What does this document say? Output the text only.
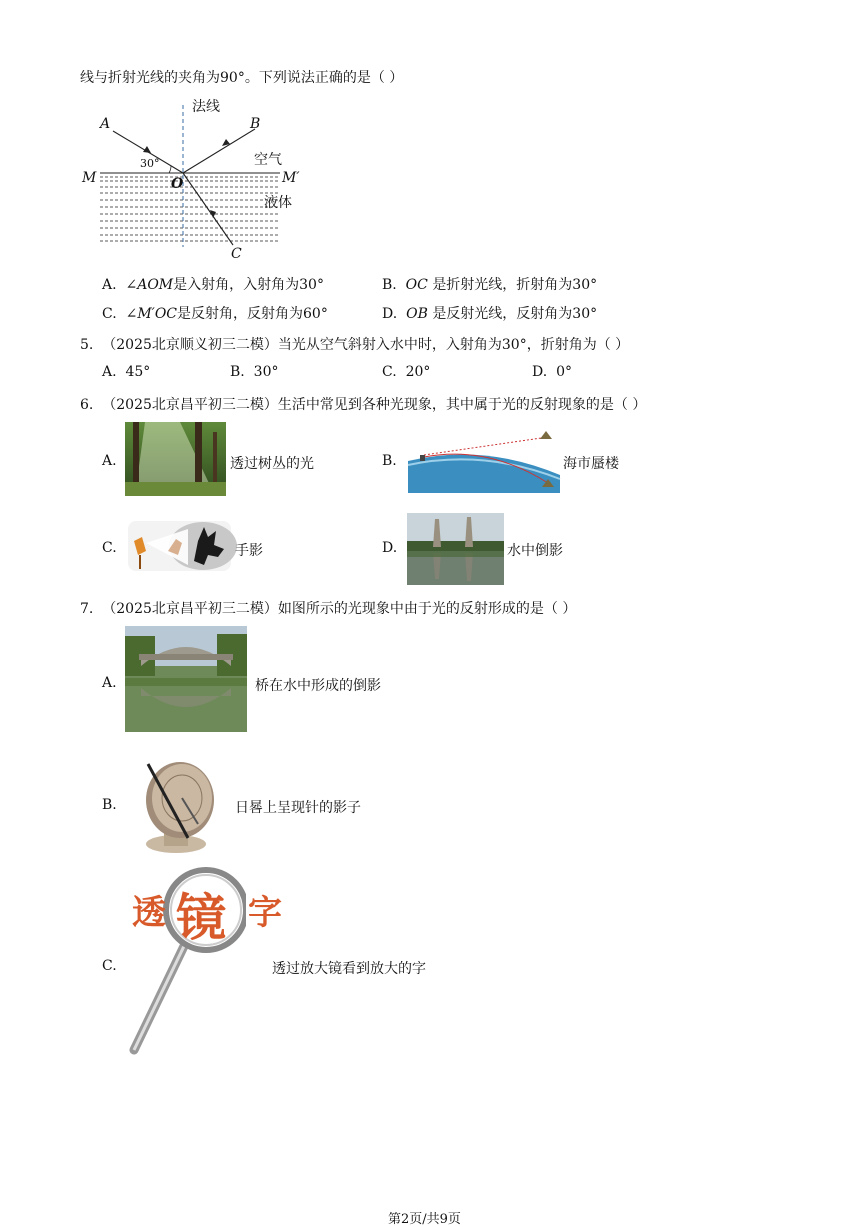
线与折射光线的夹角为90°。下列说法正确的是（ ）
A	B
C
M	M′
O
30°
法线
空气
液体
A. ∠AOM是入射角，入射角为30°	B. OC 是折射光线，折射角为30°
C. ∠M′OC是反射角，反射角为60°	D. OB 是反射光线，反射角为30°
5. （2025北京顺义初三二模）当光从空气斜射入水中时，入射角为30°，折射角为（ ）
A. 45°	B. 30°	C. 20°	D. 0°
6. （2025北京昌平初三二模）生活中常见到各种光现象，其中属于光的反射现象的是（ ）
A.	透过树丛的光	B.	海市蜃楼
C.	手影	D.	水中倒影
7. （2025北京昌平初三二模）如图所示的光现象中由于光的反射形成的是（ ）
A.	桥在水中形成的倒影
B.	日晷上呈现针的影子
C.
透 镜 字
透过放大镜看到放大的字
第2页/共9页
